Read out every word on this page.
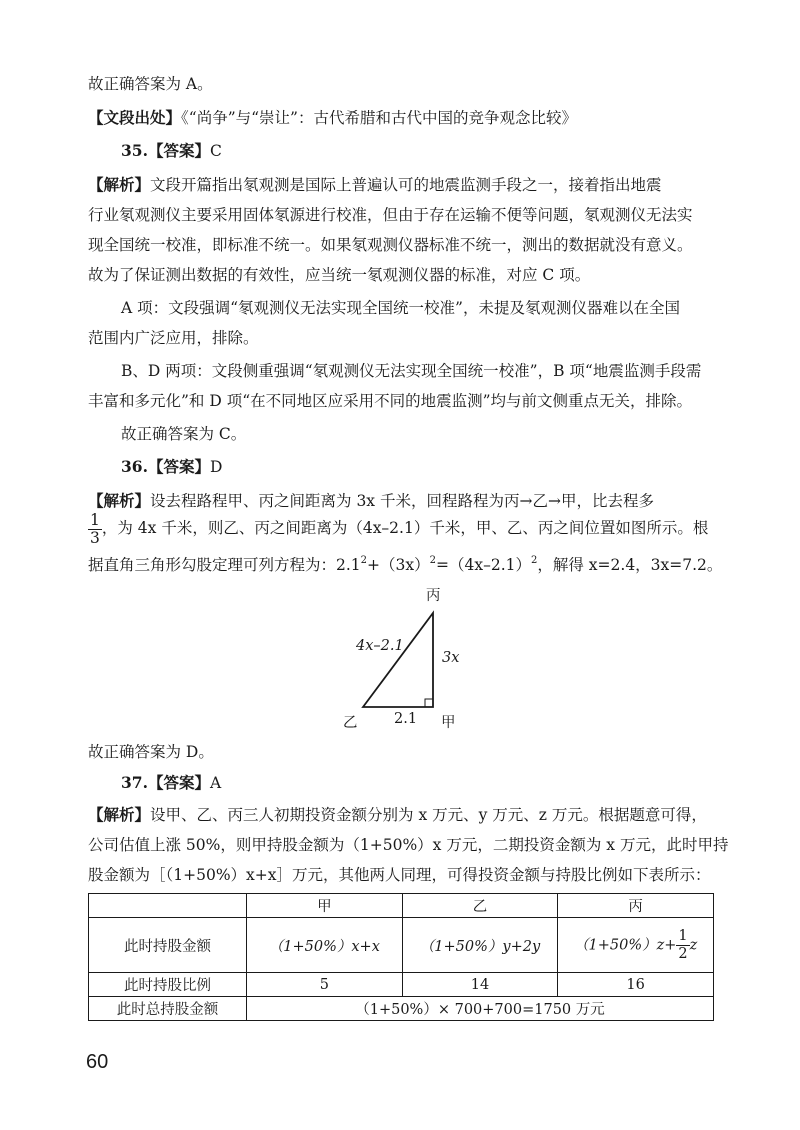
故正确答案为 A。
【文段出处】《“尚争”与“崇让”：古代希腊和古代中国的竞争观念比较》
35.【答案】C
【解析】文段开篇指出氡观测是国际上普遍认可的地震监测手段之一，接着指出地震
行业氡观测仪主要采用固体氡源进行校准，但由于存在运输不便等问题，氡观测仪无法实
现全国统一校准，即标准不统一。如果氡观测仪器标准不统一，测出的数据就没有意义。
故为了保证测出数据的有效性，应当统一氡观测仪器的标准，对应 C 项。
A 项：文段强调“氡观测仪无法实现全国统一校准”，未提及氡观测仪器难以在全国
范围内广泛应用，排除。
B、D 两项：文段侧重强调“氡观测仪无法实现全国统一校准”，B 项“地震监测手段需
丰富和多元化”和 D 项“在不同地区应采用不同的地震监测”均与前文侧重点无关，排除。
故正确答案为 C。
36.【答案】D
【解析】设去程路程甲、丙之间距离为 3x 千米，回程路程为丙→乙→甲，比去程多
$\frac{1}{3}$ ，为 4x 千米，则乙、丙之间距离为（4x–2.1）千米，甲、乙、丙之间位置如图所示。根
据直角三角形勾股定理可列方程为：$2.1^2+(3x)^2=(4x-2.1)^2$，解得 x=2.4，3x=7.2。
丙
4x–2.1
3x
乙	2.1 甲
故正确答案为 D。
37.【答案】A
【解析】设甲、乙、丙三人初期投资金额分别为 x 万元、y 万元、z 万元。根据题意可得，
公司估值上涨 50%，则甲持股金额为（1+50%）x 万元，二期投资金额为 x 万元，此时甲持
股金额为［（1+50%）x+x］万元，其他两人同理，可得投资金额与持股比例如下表所示：
	甲	乙	丙
此时持股金额	（1+50%）x+x	（1+50%）y+2y	$(1+50\%)z+ \frac{1}{2}$ z
此时持股比例	5	14	16
此时总持股金额	（1+50%）× 700+700=1750 万元		
60
